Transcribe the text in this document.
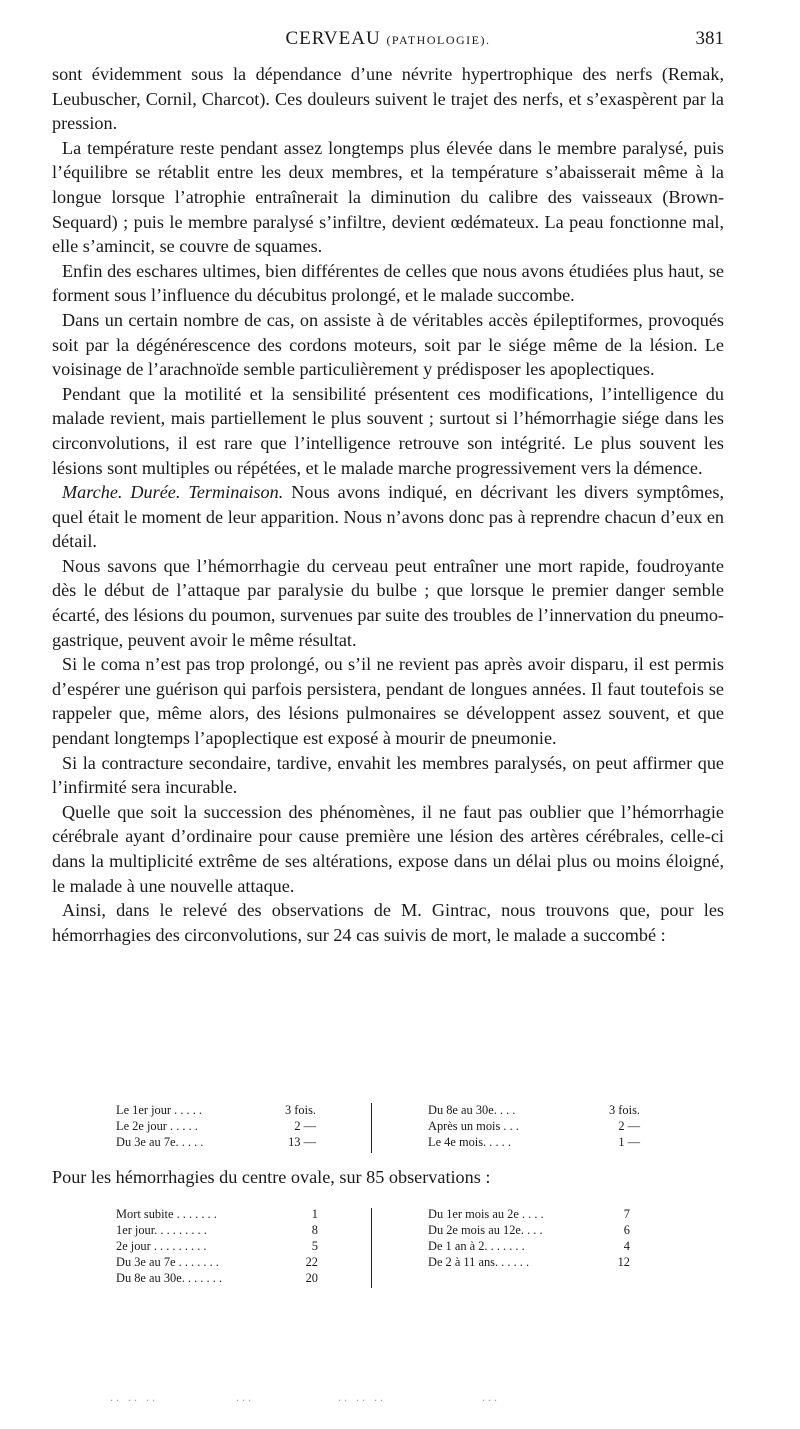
CERVEAU (PATHOLOGIE).	381

sont évidemment sous la dépendance d’une névrite hypertrophique des nerfs (Remak, Leubuscher, Cornil, Charcot). Ces douleurs suivent le trajet des nerfs, et s’exaspèrent par la pression.

La température reste pendant assez longtemps plus élevée dans le membre paralysé, puis l’équilibre se rétablit entre les deux membres, et la température s’abaisserait même à la longue lorsque l’atrophie entraînerait la diminution du calibre des vaisseaux (Brown-Sequard) ; puis le membre paralysé s’infiltre, devient œdémateux. La peau fonctionne mal, elle s’amincit, se couvre de squames.

Enfin des eschares ultimes, bien différentes de celles que nous avons étudiées plus haut, se forment sous l’influence du décubitus prolongé, et le malade succombe.

Dans un certain nombre de cas, on assiste à de véritables accès épileptiformes, provoqués soit par la dégénérescence des cordons moteurs, soit par le siége même de la lésion. Le voisinage de l’arachnoïde semble particulièrement y prédisposer les apoplectiques.

Pendant que la motilité et la sensibilité présentent ces modifications, l’intelligence du malade revient, mais partiellement le plus souvent ; surtout si l’hémorrhagie siége dans les circonvolutions, il est rare que l’intelligence retrouve son intégrité. Le plus souvent les lésions sont multiples ou répétées, et le malade marche progressivement vers la démence.

Marche. Durée. Terminaison. Nous avons indiqué, en décrivant les divers symptômes, quel était le moment de leur apparition. Nous n’avons donc pas à reprendre chacun d’eux en détail.

Nous savons que l’hémorrhagie du cerveau peut entraîner une mort rapide, foudroyante dès le début de l’attaque par paralysie du bulbe ; que lorsque le premier danger semble écarté, des lésions du poumon, survenues par suite des troubles de l’innervation du pneumo-gastrique, peuvent avoir le même résultat.

Si le coma n’est pas trop prolongé, ou s’il ne revient pas après avoir disparu, il est permis d’espérer une guérison qui parfois persistera, pendant de longues années. Il faut toutefois se rappeler que, même alors, des lésions pulmonaires se développent assez souvent, et que pendant longtemps l’apoplectique est exposé à mourir de pneumonie.

Si la contracture secondaire, tardive, envahit les membres paralysés, on peut affirmer que l’infirmité sera incurable.

Quelle que soit la succession des phénomènes, il ne faut pas oublier que l’hémorrhagie cérébrale ayant d’ordinaire pour cause première une lésion des artères cérébrales, celle-ci dans la multiplicité extrême de ses altérations, expose dans un délai plus ou moins éloigné, le malade à une nouvelle attaque.

Ainsi, dans le relevé des observations de M. Gintrac, nous trouvons que, pour les hémorrhagies des circonvolutions, sur 24 cas suivis de mort, le malade a succombé :

Le 1er jour . . . . .	3 fois.
Le 2e jour . . . . .	2 —
Du 3e au 7e. . . . .	13 —
Du 8e au 30e. . . .	3 fois.
Après un mois . . .	2 —
Le 4e mois. . . . .	1 —
Pour les hémorrhagies du centre ovale, sur 85 observations :
Mort subite . . . . . . .	1
1er jour. . . . . . . . .	8
2e jour . . . . . . . . .	5
Du 3e au 7e . . . . . . .	22
Du 8e au 30e. . . . . . .	20
Du 1er mois au 2e . . . .	7
Du 2e mois au 12e. . . .	6
De 1 an à 2. . . . . . .	4
De 2 à 11 ans. . . . . .	12
.. .. ..             ...              .. .. ..                ...
